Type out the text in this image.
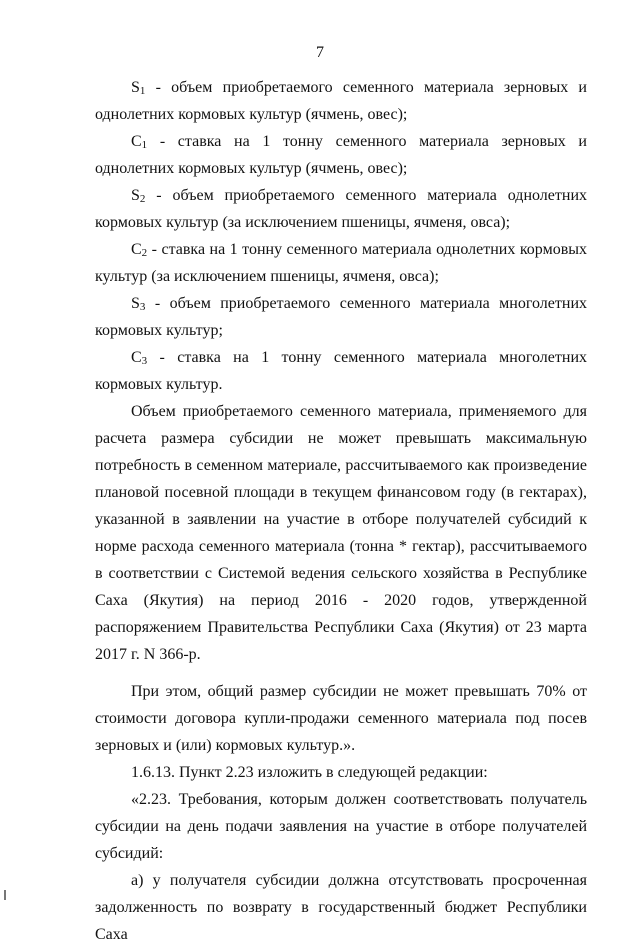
7

S1 - объем приобретаемого семенного материала зерновых и однолетних кормовых культур (ячмень, овес);

C1 - ставка на 1 тонну семенного материала зерновых и однолетних кормовых культур (ячмень, овес);

S2 - объем приобретаемого семенного материала однолетних кормовых культур (за исключением пшеницы, ячменя, овса);

C2 - ставка на 1 тонну семенного материала однолетних кормовых культур (за исключением пшеницы, ячменя, овса);

S3 - объем приобретаемого семенного материала многолетних кормовых культур;

C3 - ставка на 1 тонну семенного материала многолетних кормовых культур.

Объем приобретаемого семенного материала, применяемого для расчета размера субсидии не может превышать максимальную потребность в семенном материале, рассчитываемого как произведение плановой посевной площади в текущем финансовом году (в гектарах), указанной в заявлении на участие в отборе получателей субсидий к норме расхода семенного материала (тонна * гектар), рассчитываемого в соответствии с Системой ведения сельского хозяйства в Республике Саха (Якутия) на период 2016 - 2020 годов, утвержденной распоряжением Правительства Республики Саха (Якутия) от 23 марта 2017 г. N 366-р.

При этом, общий размер субсидии не может превышать 70% от стоимости договора купли-продажи семенного материала под посев зерновых и (или) кормовых культур.».

1.6.13. Пункт 2.23 изложить в следующей редакции:

«2.23. Требования, которым должен соответствовать получатель субсидии на день подачи заявления на участие в отборе получателей субсидий:

а) у получателя субсидии должна отсутствовать просроченная задолженность по возврату в государственный бюджет Республики Саха
